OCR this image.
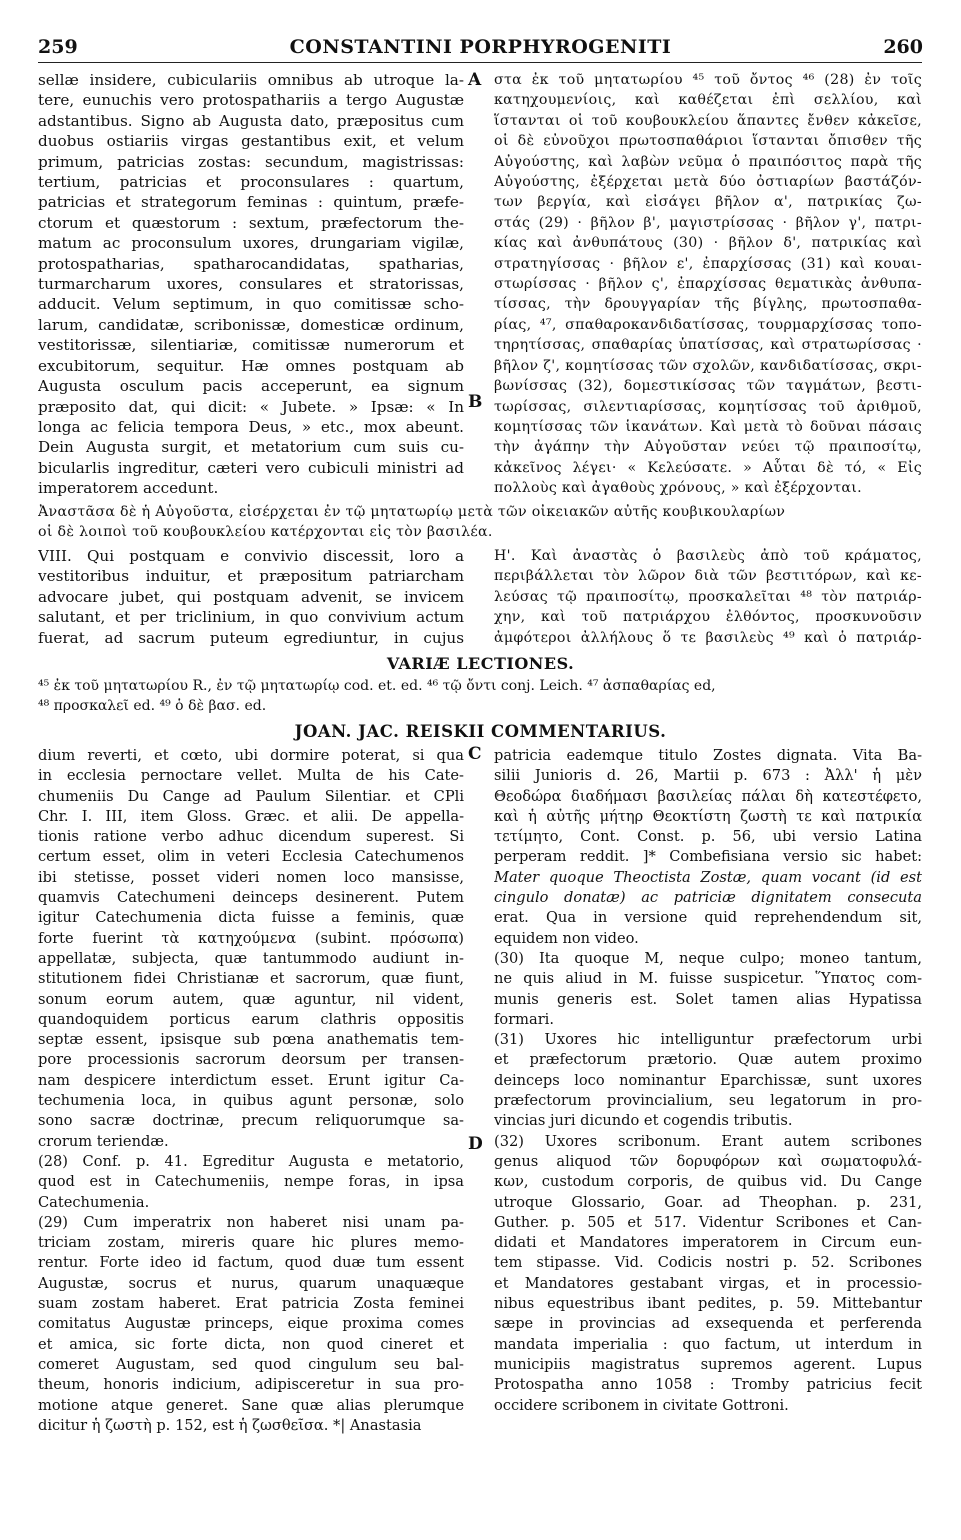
259	CONSTANTINI PORPHYROGENITI	260
sellæ insidere, cubiculariis omnibus ab utroque la-
tere, eunuchis vero protospathariis a tergo Augustæ
adstantibus. Signo ab Augusta dato, præpositus cum
duobus ostiariis virgas gestantibus exit, et velum
primum, patricias zostas: secundum, magistrissas:
tertium, patricias et proconsulares : quartum,
patricias et strategorum feminas : quintum, præfe-
ctorum et quæstorum : sextum, præfectorum the-
matum ac proconsulum uxores, drungariam vigilæ,
protospatharias, spatharocandidatas, spatharias,
turmarcharum uxores, consulares et stratorissas,
adducit. Velum septimum, in quo comitissæ scho-
larum, candidatæ, scribonissæ, domesticæ ordinum,
vestitorissæ, silentiariæ, comitissæ numerorum et
excubitorum, sequitur. Hæ omnes postquam ab
Augusta osculum pacis acceperunt, ea signum
præposito dat, qui dicit: « Jubete. » Ipsæ: « In
longa ac felicia tempora Deus, » etc., mox abeunt.
Dein Augusta surgit, et metatorium cum suis cu-
bicularlis ingreditur, cæteri vero cubiculi ministri ad
imperatorem accedunt.
στα ἐκ τοῦ μητατωρίου ⁴⁵ τοῦ ὄντος ⁴⁶ (28) ἐν τοῖς
κατηχουμενίοις, καὶ καθέζεται ἐπὶ σελλίου, καὶ
ἵστανται οἱ τοῦ κουβουκλείου ἅπαντες ἔνθεν κἀκεῖσε,
οἱ δὲ εὐνοῦχοι πρωτοσπαθάριοι ἵστανται ὄπισθεν τῆς
Αὐγούστης, καὶ λαβὼν νεῦμα ὁ πραιπόσιτος παρὰ τῆς
Αὐγούστης, ἐξέρχεται μετὰ δύο ὀστιαρίων βαστάζόν-
των βεργία, καὶ εἰσάγει βῆλον α', πατρικίας ζω-
στάς (29) · βῆλον β', μαγιστρίσσας · βῆλον γ', πατρι-
κίας καὶ ἀνθυπάτους (30) · βῆλον δ', πατρικίας καὶ
στρατηγίσσας · βῆλον ε', ἐπαρχίσσας (31) καὶ κουαι-
στωρίσσας · βῆλον ς', ἐπαρχίσσας θεματικὰς ἀνθυπα-
τίσσας, τὴν δρουγγαρίαν τῆς βίγλης, πρωτοσπαθα-
ρίας, ⁴⁷, σπαθαροκανδιδατίσσας, τουρμαρχίσσας τοπο-
τηρητίσσας, σπαθαρίας ὑπατίσσας, καὶ στρατωρίσσας ·
βῆλον ζ', κομητίσσας τῶν σχολῶν, κανδιδατίσσας, σκρι-
βωνίσσας (32), δομεστικίσσας τῶν ταγμάτων, βεστι-
τωρίσσας, σιλεντιαρίσσας, κομητίσσας τοῦ ἀριθμοῦ,
κομητίσσας τῶν ἱκανάτων. Καὶ μετὰ τὸ δοῦναι πάσαις
τὴν ἀγάπην τὴν Αὐγοῦσταν νεύει τῷ πραιποσίτῳ,
κἀκεῖνος λέγει· « Κελεύσατε. » Αὗται δὲ τό, « Εἰς
πολλοὺς καὶ ἀγαθοὺς χρόνους, » καὶ ἐξέρχονται.
A
B
Ἀναστᾶσα δὲ ἡ Αὐγοῦστα, εἰσέρχεται ἐν τῷ μητατωρίῳ μετὰ τῶν οἰκειακῶν αὐτῆς κουβικουλαρίων
οἱ δὲ λοιποὶ τοῦ κουβουκλείου κατέρχονται εἰς τὸν βασιλέα.
VIII. Qui postquam e convivio discessit, loro a
vestitoribus induitur, et præpositum patriarcham
advocare jubet, qui postquam advenit, se invicem
salutant, et per triclinium, in quo convivium actum
fuerat, ad sacrum puteum egrediuntur, in cujus
Η'. Καὶ ἀναστὰς ὁ βασιλεὺς ἀπὸ τοῦ κράματος,
περιβάλλεται τὸν λῶρον διὰ τῶν βεστιτόρων, καὶ κε-
λεύσας τῷ πραιποσίτῳ, προσκαλεῖται ⁴⁸ τὸν πατριάρ-
χην, καὶ τοῦ πατριάρχου ἐλθόντος, προσκυνοῦσιν
ἀμφότεροι ἀλλήλους ὅ τε βασιλεὺς ⁴⁹ καὶ ὁ πατριάρ-
VARIÆ LECTIONES.
⁴⁵ ἐκ τοῦ μητατωρίου R., ἐν τῷ μητατωρίῳ cod. et. ed. ⁴⁶ τῷ ὄντι conj. Leich. ⁴⁷ ἀσπαθαρίας ed,
⁴⁸ προσκαλεῖ ed. ⁴⁹ ὁ δὲ βασ. ed.
JOAN. JAC. REISKII COMMENTARIUS.
dium reverti, et cœto, ubi dormire poterat, si qua
in ecclesia pernoctare vellet. Multa de his Cate-
chumeniis Du Cange ad Paulum Silentiar. et CPli
Chr. I. III, item Gloss. Græc. et alii. De appella-
tionis ratione verbo adhuc dicendum superest. Si
certum esset, olim in veteri Ecclesia Catechumenos
ibi stetisse, posset videri nomen loco mansisse,
quamvis Catechumeni deinceps desinerent. Putem
igitur Catechumenia dicta fuisse a feminis, quæ
forte fuerint τὰ κατηχούμενα (subint. πρόσωπα)
appellatæ, subjecta, quæ tantummodo audiunt in-
stitutionem fidei Christianæ et sacrorum, quæ fiunt,
sonum eorum autem, quæ aguntur, nil vident,
quandoquidem porticus earum clathris oppositis
septæ essent, ipsisque sub pœna anathematis tem-
pore processionis sacrorum deorsum per transen-
nam despicere interdictum esset. Erunt igitur Ca-
techumenia loca, in quibus agunt personæ, solo
sono sacræ doctrinæ, precum reliquorumque sa-
crorum teriendæ.
(28) Conf. p. 41. Egreditur Augusta e metatorio,
quod est in Catechumeniis, nempe foras, in ipsa
Catechumenia.
(29) Cum imperatrix non haberet nisi unam pa-
triciam zostam, mireris quare hic plures memo-
rentur. Forte ideo id factum, quod duæ tum essent
Augustæ, socrus et nurus, quarum unaquæque
suam zostam haberet. Erat patricia Zosta feminei
comitatus Augustæ princeps, eique proxima comes
et amica, sic forte dicta, non quod cineret et
comeret Augustam, sed quod cingulum seu bal-
theum, honoris indicium, adipisceretur in sua pro-
motione atque generet. Sane quæ alias plerumque
dicitur ἡ ζωστὴ p. 152, est ἡ ζωσθεῖσα. *| Anastasia
patricia eademque titulo Zostes dignata. Vita Ba-
silii Junioris d. 26, Martii p. 673 : Ἀλλ' ἡ μὲν
Θεοδώρα διαδήμασι βασιλείας πάλαι δὴ κατεστέφετο,
καὶ ἡ αὐτῆς μήτηρ Θεοκτίστη ζωστὴ τε καὶ πατρικία
τετίμητο, Cont. Const. p. 56, ubi versio Latina
perperam reddit. ]* Combefisiana versio sic habet:
Mater quoque Theoctista Zostæ, quam vocant (id est
cingulo donatæ) ac patriciæ dignitatem consecuta
erat. Qua in versione quid reprehendendum sit,
equidem non video.
(30) Ita quoque M, neque culpo; moneo tantum,
ne quis aliud in M. fuisse suspicetur. Ὕπατος com-
munis generis est. Solet tamen alias Hypatissa
formari.
(31) Uxores hic intelliguntur præfectorum urbi
et præfectorum prætorio. Quæ autem proximo
deinceps loco nominantur Eparchissæ, sunt uxores
præfectorum provincialium, seu legatorum in pro-
vincias juri dicundo et cogendis tributis.
(32) Uxores scribonum. Erant autem scribones
genus aliquod τῶν δορυφόρων καὶ σωματοφυλά-
κων, custodum corporis, de quibus vid. Du Cange
utroque Glossario, Goar. ad Theophan. p. 231,
Guther. p. 505 et 517. Videntur Scribones et Can-
didati et Mandatores imperatorem in Circum eun-
tem stipasse. Vid. Codicis nostri p. 52. Scribones
et Mandatores gestabant virgas, et in processio-
nibus equestribus ibant pedites, p. 59. Mittebantur
sæpe in provincias ad exsequenda et perferenda
mandata imperialia : quo factum, ut interdum in
municipiis magistratus supremos agerent. Lupus
Protospatha anno 1058 : Tromby patricius fecit
occidere scribonem in civitate Gottroni.
C
D
